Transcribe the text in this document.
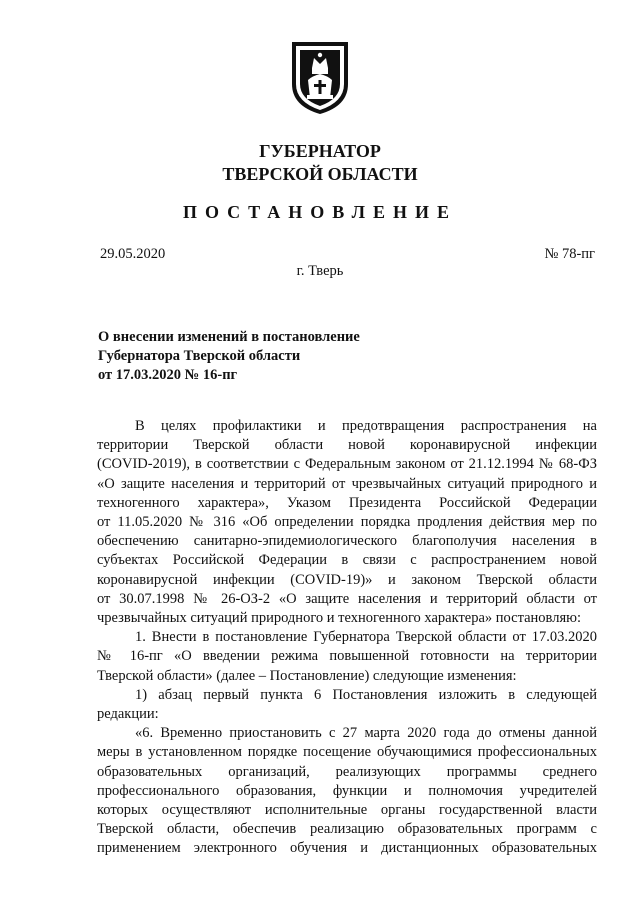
ГУБЕРНАТОР
ТВЕРСКОЙ ОБЛАСТИ
ПОСТАНОВЛЕНИЕ
29.05.2020	№ 78-пг
г. Тверь
О внесении изменений в постановление
Губернатора Тверской области
от 17.03.2020 № 16-пг
В целях профилактики и предотвращения распространения на
территории Тверской области новой коронавирусной инфекции
(COVID-2019), в соответствии с Федеральным законом от 21.12.1994 № 68-ФЗ
«О защите населения и территорий от чрезвычайных ситуаций природного и
техногенного характера», Указом Президента Российской Федерации
от 11.05.2020 № 316 «Об определении порядка продления действия мер по
обеспечению санитарно-эпидемиологического благополучия населения в
субъектах Российской Федерации в связи с распространением новой
коронавирусной инфекции (COVID-19)» и законом Тверской области
от 30.07.1998 № 26-ОЗ-2 «О защите населения и территорий области от
чрезвычайных ситуаций природного и техногенного характера» постановляю:
1. Внести в постановление Губернатора Тверской области от 17.03.2020
№ 16-пг «О введении режима повышенной готовности на территории
Тверской области» (далее – Постановление) следующие изменения:
1) абзац первый пункта 6 Постановления изложить в следующей
редакции:
«6. Временно приостановить с 27 марта 2020 года до отмены данной
меры в установленном порядке посещение обучающимися профессиональных
образовательных организаций, реализующих программы среднего
профессионального образования, функции и полномочия учредителей
которых осуществляют исполнительные органы государственной власти
Тверской области, обеспечив реализацию образовательных программ с
применением электронного обучения и дистанционных образовательных
